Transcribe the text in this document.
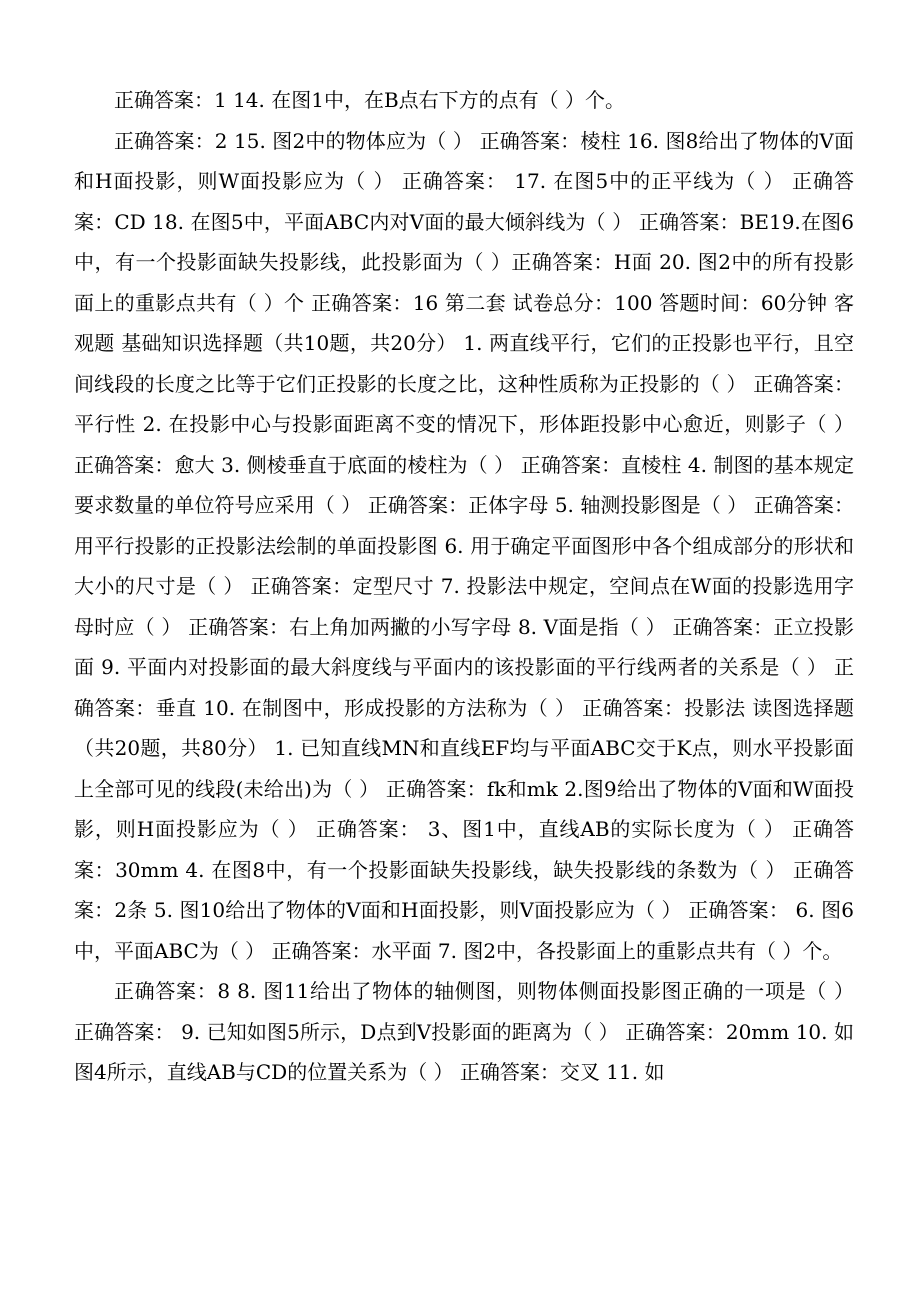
正确答案：1 14. 在图1中，在B点右下方的点有（ ）个。

正确答案：2 15. 图2中的物体应为（ ） 正确答案：棱柱 16. 图8给出了物体的V面和H面投影，则W面投影应为（ ） 正确答案： 17. 在图5中的正平线为（ ） 正确答案：CD 18. 在图5中，平面ABC内对V面的最大倾斜线为（ ） 正确答案：BE19.在图6中，有一个投影面缺失投影线，此投影面为（ ）正确答案：H面 20. 图2中的所有投影面上的重影点共有（ ）个 正确答案：16 第二套 试卷总分：100 答题时间：60分钟 客观题 基础知识选择题（共10题，共20分） 1. 两直线平行，它们的正投影也平行，且空间线段的长度之比等于它们正投影的长度之比，这种性质称为正投影的（ ） 正确答案：平行性 2. 在投影中心与投影面距离不变的情况下，形体距投影中心愈近，则影子（ ） 正确答案：愈大 3. 侧棱垂直于底面的棱柱为（ ） 正确答案：直棱柱 4. 制图的基本规定要求数量的单位符号应采用（ ） 正确答案：正体字母 5. 轴测投影图是（ ） 正确答案：用平行投影的正投影法绘制的单面投影图 6. 用于确定平面图形中各个组成部分的形状和大小的尺寸是（ ） 正确答案：定型尺寸 7. 投影法中规定，空间点在W面的投影选用字母时应（ ） 正确答案：右上角加两撇的小写字母 8. V面是指（ ） 正确答案：正立投影面 9. 平面内对投影面的最大斜度线与平面内的该投影面的平行线两者的关系是（ ） 正确答案：垂直 10. 在制图中，形成投影的方法称为（ ） 正确答案：投影法 读图选择题（共20题，共80分） 1. 已知直线MN和直线EF均与平面ABC交于K点，则水平投影面上全部可见的线段(未给出)为（ ） 正确答案：fk和mk 2.图9给出了物体的V面和W面投影，则H面投影应为（ ） 正确答案： 3、图1中，直线AB的实际长度为（ ） 正确答案：30mm 4. 在图8中，有一个投影面缺失投影线，缺失投影线的条数为（ ） 正确答案：2条 5. 图10给出了物体的V面和H面投影，则V面投影应为（ ） 正确答案： 6. 图6中，平面ABC为（ ） 正确答案：水平面 7. 图2中，各投影面上的重影点共有（ ）个。

正确答案：8 8. 图11给出了物体的轴侧图，则物体侧面投影图正确的一项是（ ） 正确答案： 9. 已知如图5所示，D点到V投影面的距离为（ ） 正确答案：20mm 10. 如图4所示，直线AB与CD的位置关系为（ ） 正确答案：交叉 11. 如
